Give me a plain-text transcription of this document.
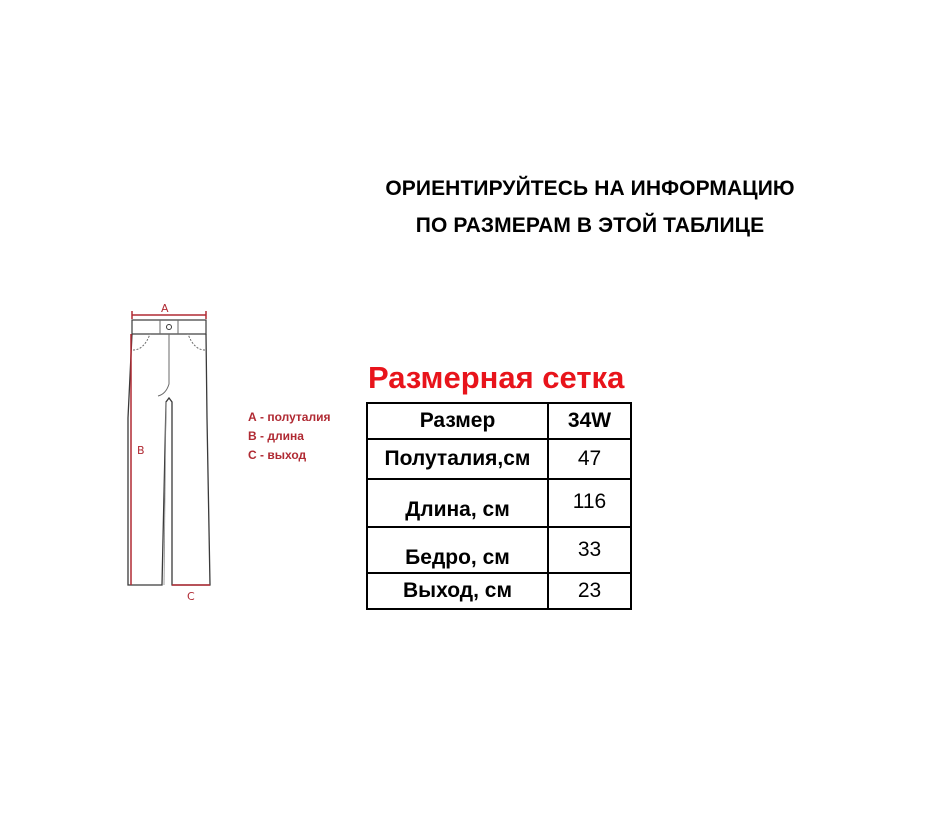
ОРИЕНТИРУЙТЕСЬ НА ИНФОРМАЦИЮ
ПО РАЗМЕРАМ В ЭТОЙ ТАБЛИЦЕ
A
B
C
А - полуталия
В - длина
С - выход
Размерная сетка
Размер	34W
Полуталия,см	47
Длина, см	116
Бедро, см	33
Выход, см	23
